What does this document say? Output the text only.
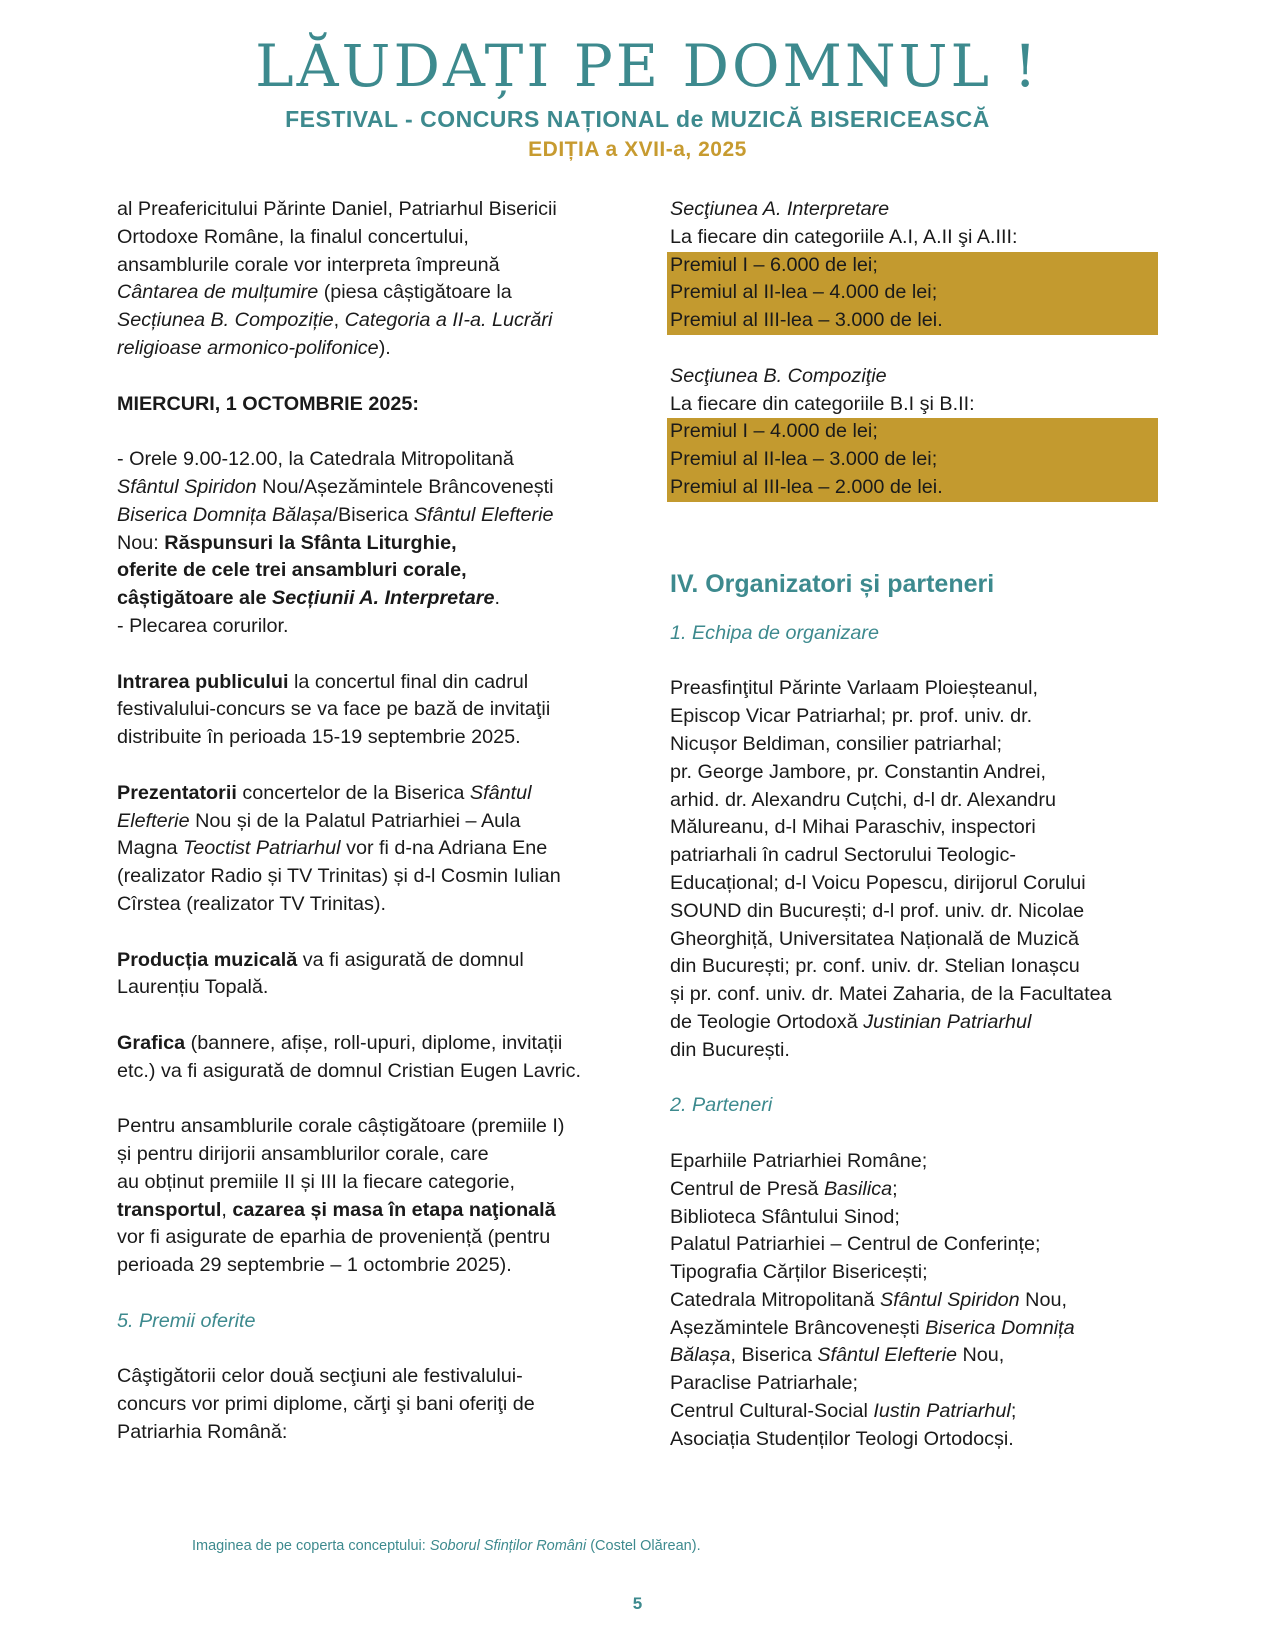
LĂUDAȚI PE DOMNUL !
FESTIVAL - CONCURS NAȚIONAL de MUZICĂ BISERICEASCĂ
EDIȚIA a XVII-a, 2025

al Preafericitului Părinte Daniel, Patriarhul Bisericii
Ortodoxe Române, la finalul concertului,
ansamblurile corale vor interpreta împreună
Cântarea de mulțumire (piesa câștigătoare la
Secțiunea B. Compoziție, Categoria a II-a. Lucrări
religioase armonico-polifonice).

MIERCURI, 1 OCTOMBRIE 2025:

- Orele 9.00-12.00, la Catedrala Mitropolitană
Sfântul Spiridon Nou/Așezămintele Brâncovenești
Biserica Domnița Bălașa/Biserica Sfântul Elefterie
Nou: Răspunsuri la Sfânta Liturghie,
oferite de cele trei ansambluri corale,
câștigătoare ale Secțiunii A. Interpretare.
- Plecarea corurilor.

Intrarea publicului la concertul final din cadrul
festivalului-concurs se va face pe bază de invitaţii
distribuite în perioada 15-19 septembrie 2025.

Prezentatorii concertelor de la Biserica Sfântul
Elefterie Nou și de la Palatul Patriarhiei – Aula
Magna Teoctist Patriarhul vor fi d-na Adriana Ene
(realizator Radio și TV Trinitas) și d-l Cosmin Iulian
Cîrstea (realizator TV Trinitas).

Producția muzicală va fi asigurată de domnul
Laurențiu Topală.

Grafica (bannere, afișe, roll-upuri, diplome, invitații
etc.) va fi asigurată de domnul Cristian Eugen Lavric.

Pentru ansamblurile corale câștigătoare (premiile I)
și pentru dirijorii ansamblurilor corale, care
au obținut premiile II și III la fiecare categorie,
transportul, cazarea și masa în etapa naţională
vor fi asigurate de eparhia de proveniență (pentru
perioada 29 septembrie – 1 octombrie 2025).

5. Premii oferite

Câştigătorii celor două secţiuni ale festivalului-
concurs vor primi diplome, cărţi şi bani oferiţi de
Patriarhia Română:

Secţiunea A. Interpretare
La fiecare din categoriile A.I, A.II şi A.III:

Premiul I – 6.000 de lei;
Premiul al II-lea – 4.000 de lei;
Premiul al III-lea – 3.000 de lei.

Secţiunea B. Compoziţie
La fiecare din categoriile B.I şi B.II:

Premiul I – 4.000 de lei;
Premiul al II-lea – 3.000 de lei;
Premiul al III-lea – 2.000 de lei.

IV. Organizatori și parteneri

1. Echipa de organizare

Preasfinţitul Părinte Varlaam Ploieșteanul,
Episcop Vicar Patriarhal; pr. prof. univ. dr.
Nicușor Beldiman, consilier patriarhal;
pr. George Jambore, pr. Constantin Andrei,
arhid. dr. Alexandru Cuțchi, d-l dr. Alexandru
Mălureanu, d-l Mihai Paraschiv, inspectori
patriarhali în cadrul Sectorului Teologic-
Educațional; d-l Voicu Popescu, dirijorul Corului
SOUND din București; d-l prof. univ. dr. Nicolae
Gheorghiță, Universitatea Națională de Muzică
din București; pr. conf. univ. dr. Stelian Ionașcu
și pr. conf. univ. dr. Matei Zaharia, de la Facultatea
de Teologie Ortodoxă Justinian Patriarhul
din București.

2. Parteneri

Eparhiile Patriarhiei Române;
Centrul de Presă Basilica;
Biblioteca Sfântului Sinod;
Palatul Patriarhiei – Centrul de Conferințe;
Tipografia Cărților Bisericești;
Catedrala Mitropolitană Sfântul Spiridon Nou,
Așezămintele Brâncovenești Biserica Domnița
Bălașa, Biserica Sfântul Elefterie Nou,
Paraclise Patriarhale;
Centrul Cultural-Social Iustin Patriarhul;
Asociația Studenților Teologi Ortodocși.

Imaginea de pe coperta conceptului: Soborul Sfinților Români (Costel Olărean).
5
